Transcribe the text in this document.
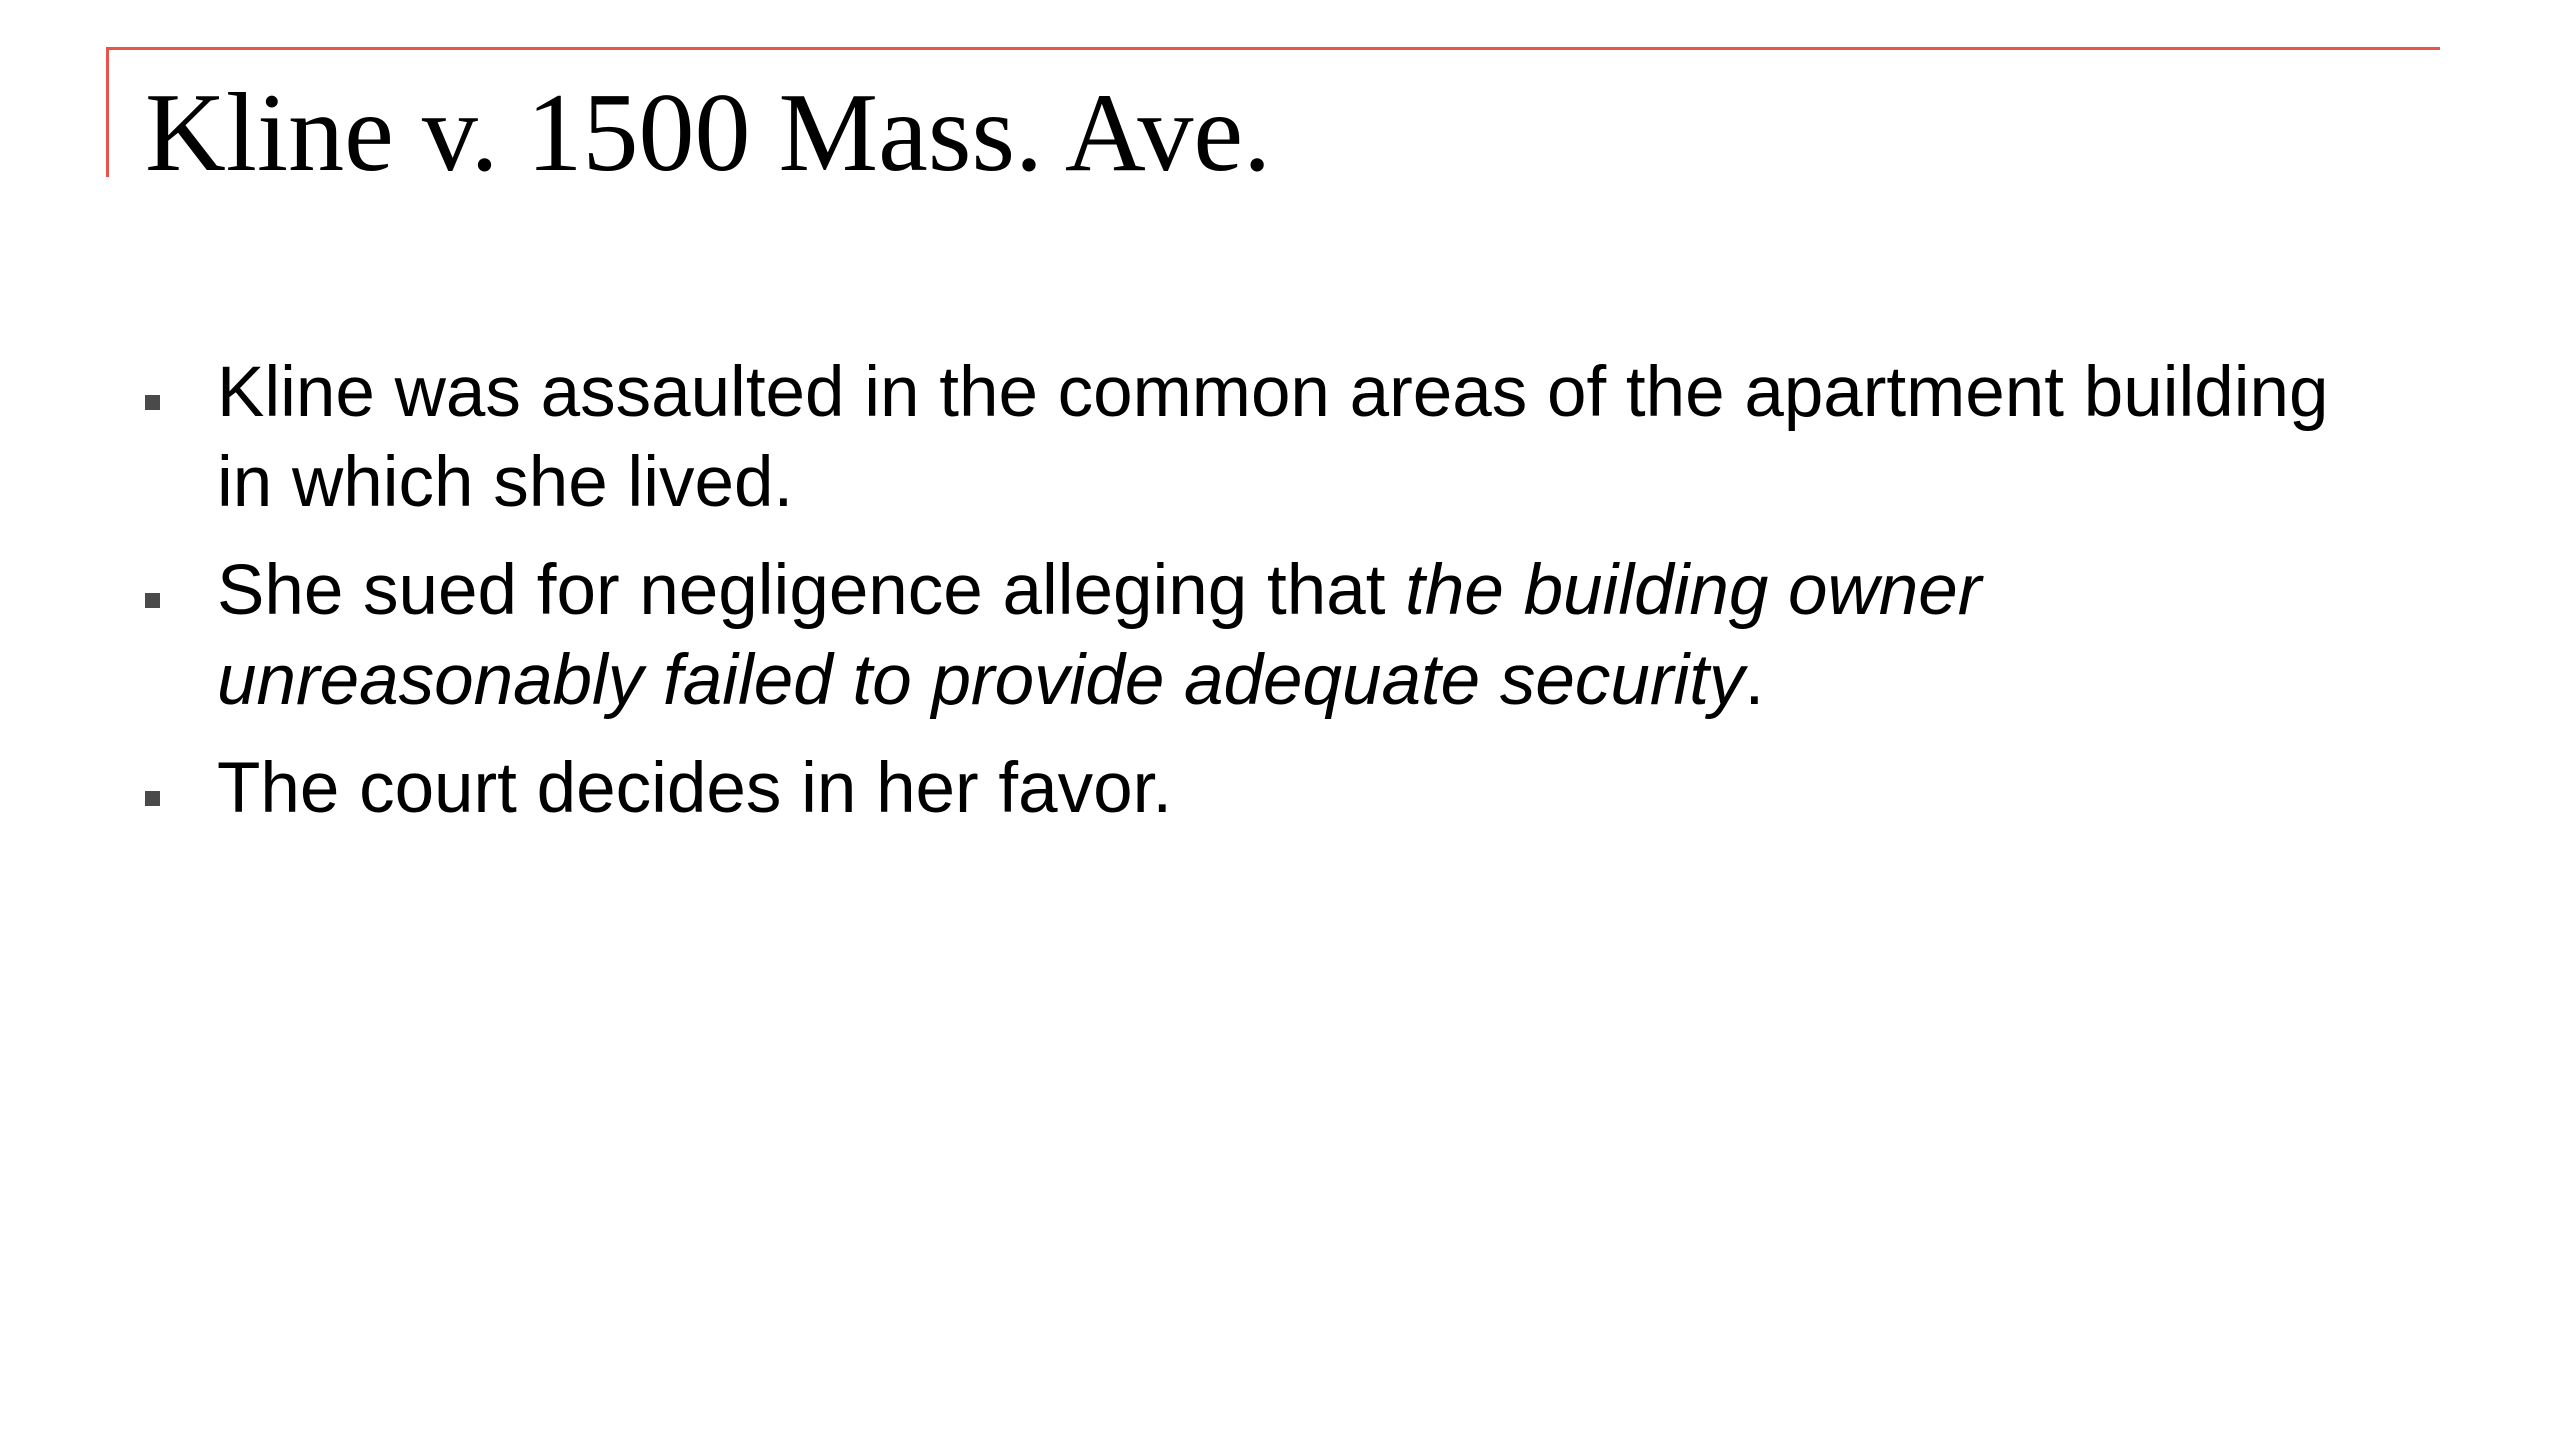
Kline v. 1500 Mass. Ave.
Kline was assaulted in the common areas of the apartment building in which she lived.
She sued for negligence alleging that the building owner unreasonably failed to provide adequate security.
The court decides in her favor.
